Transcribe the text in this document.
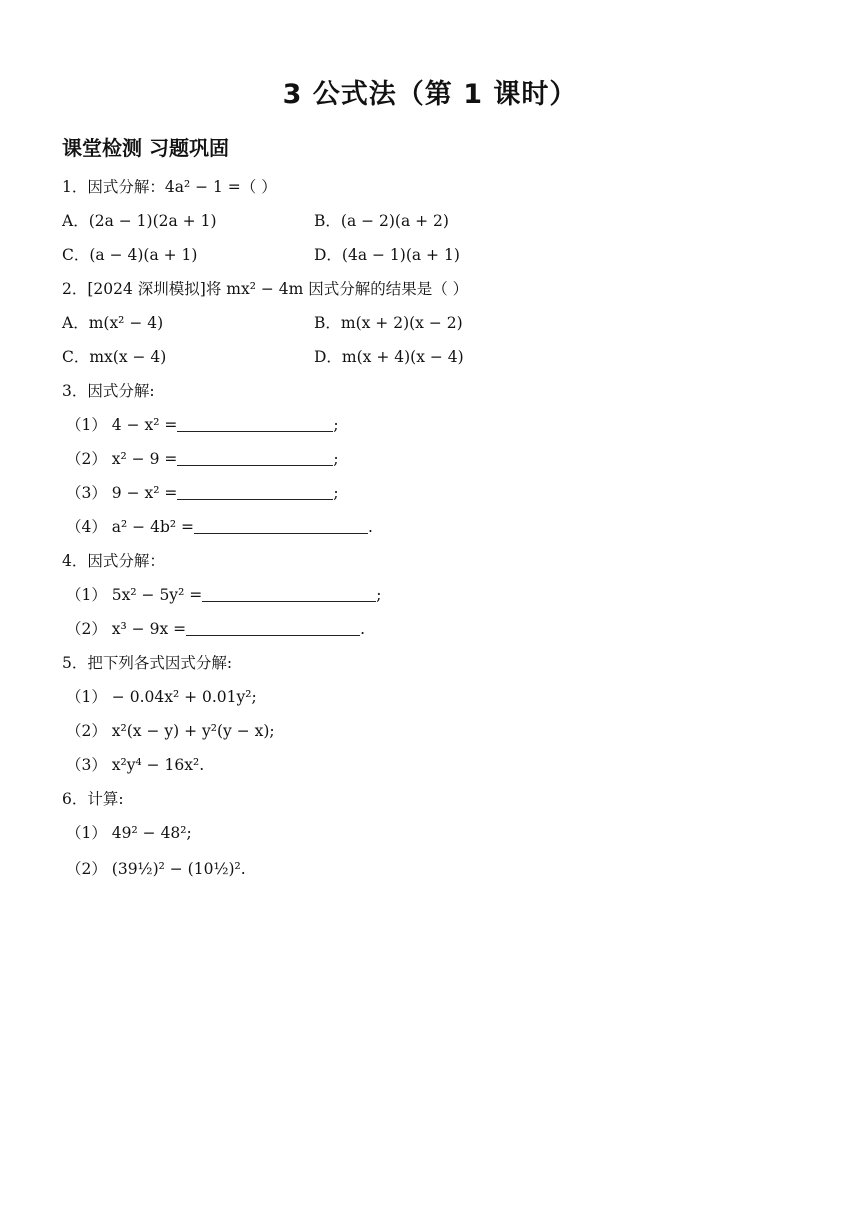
3 公式法（第 1 课时）
课堂检测 习题巩固
1．因式分解：4a² − 1 =（ ）
A．(2a − 1)(2a + 1)	B．(a − 2)(a + 2)
C．(a − 4)(a + 1)	D．(4a − 1)(a + 1)
2．[2024 深圳模拟]将 mx² − 4m 因式分解的结果是（ ）
A．m(x² − 4)	B．m(x + 2)(x − 2)
C．mx(x − 4)	D．m(x + 4)(x − 4)
3．因式分解:
（1） 4 − x² =	;
（2） x² − 9 =	;
（3） 9 − x² =	;
（4） a² − 4b² =	.
4．因式分解：
（1） 5x² − 5y² =	;
（2） x³ − 9x =	.
5．把下列各式因式分解:
（1） − 0.04x² + 0.01y²;
（2） x²(x − y) + y²(y − x);
（3） x²y⁴ − 16x².
6．计算:
（1） 49² − 48²;
（2） (39½)² − (10½)².
